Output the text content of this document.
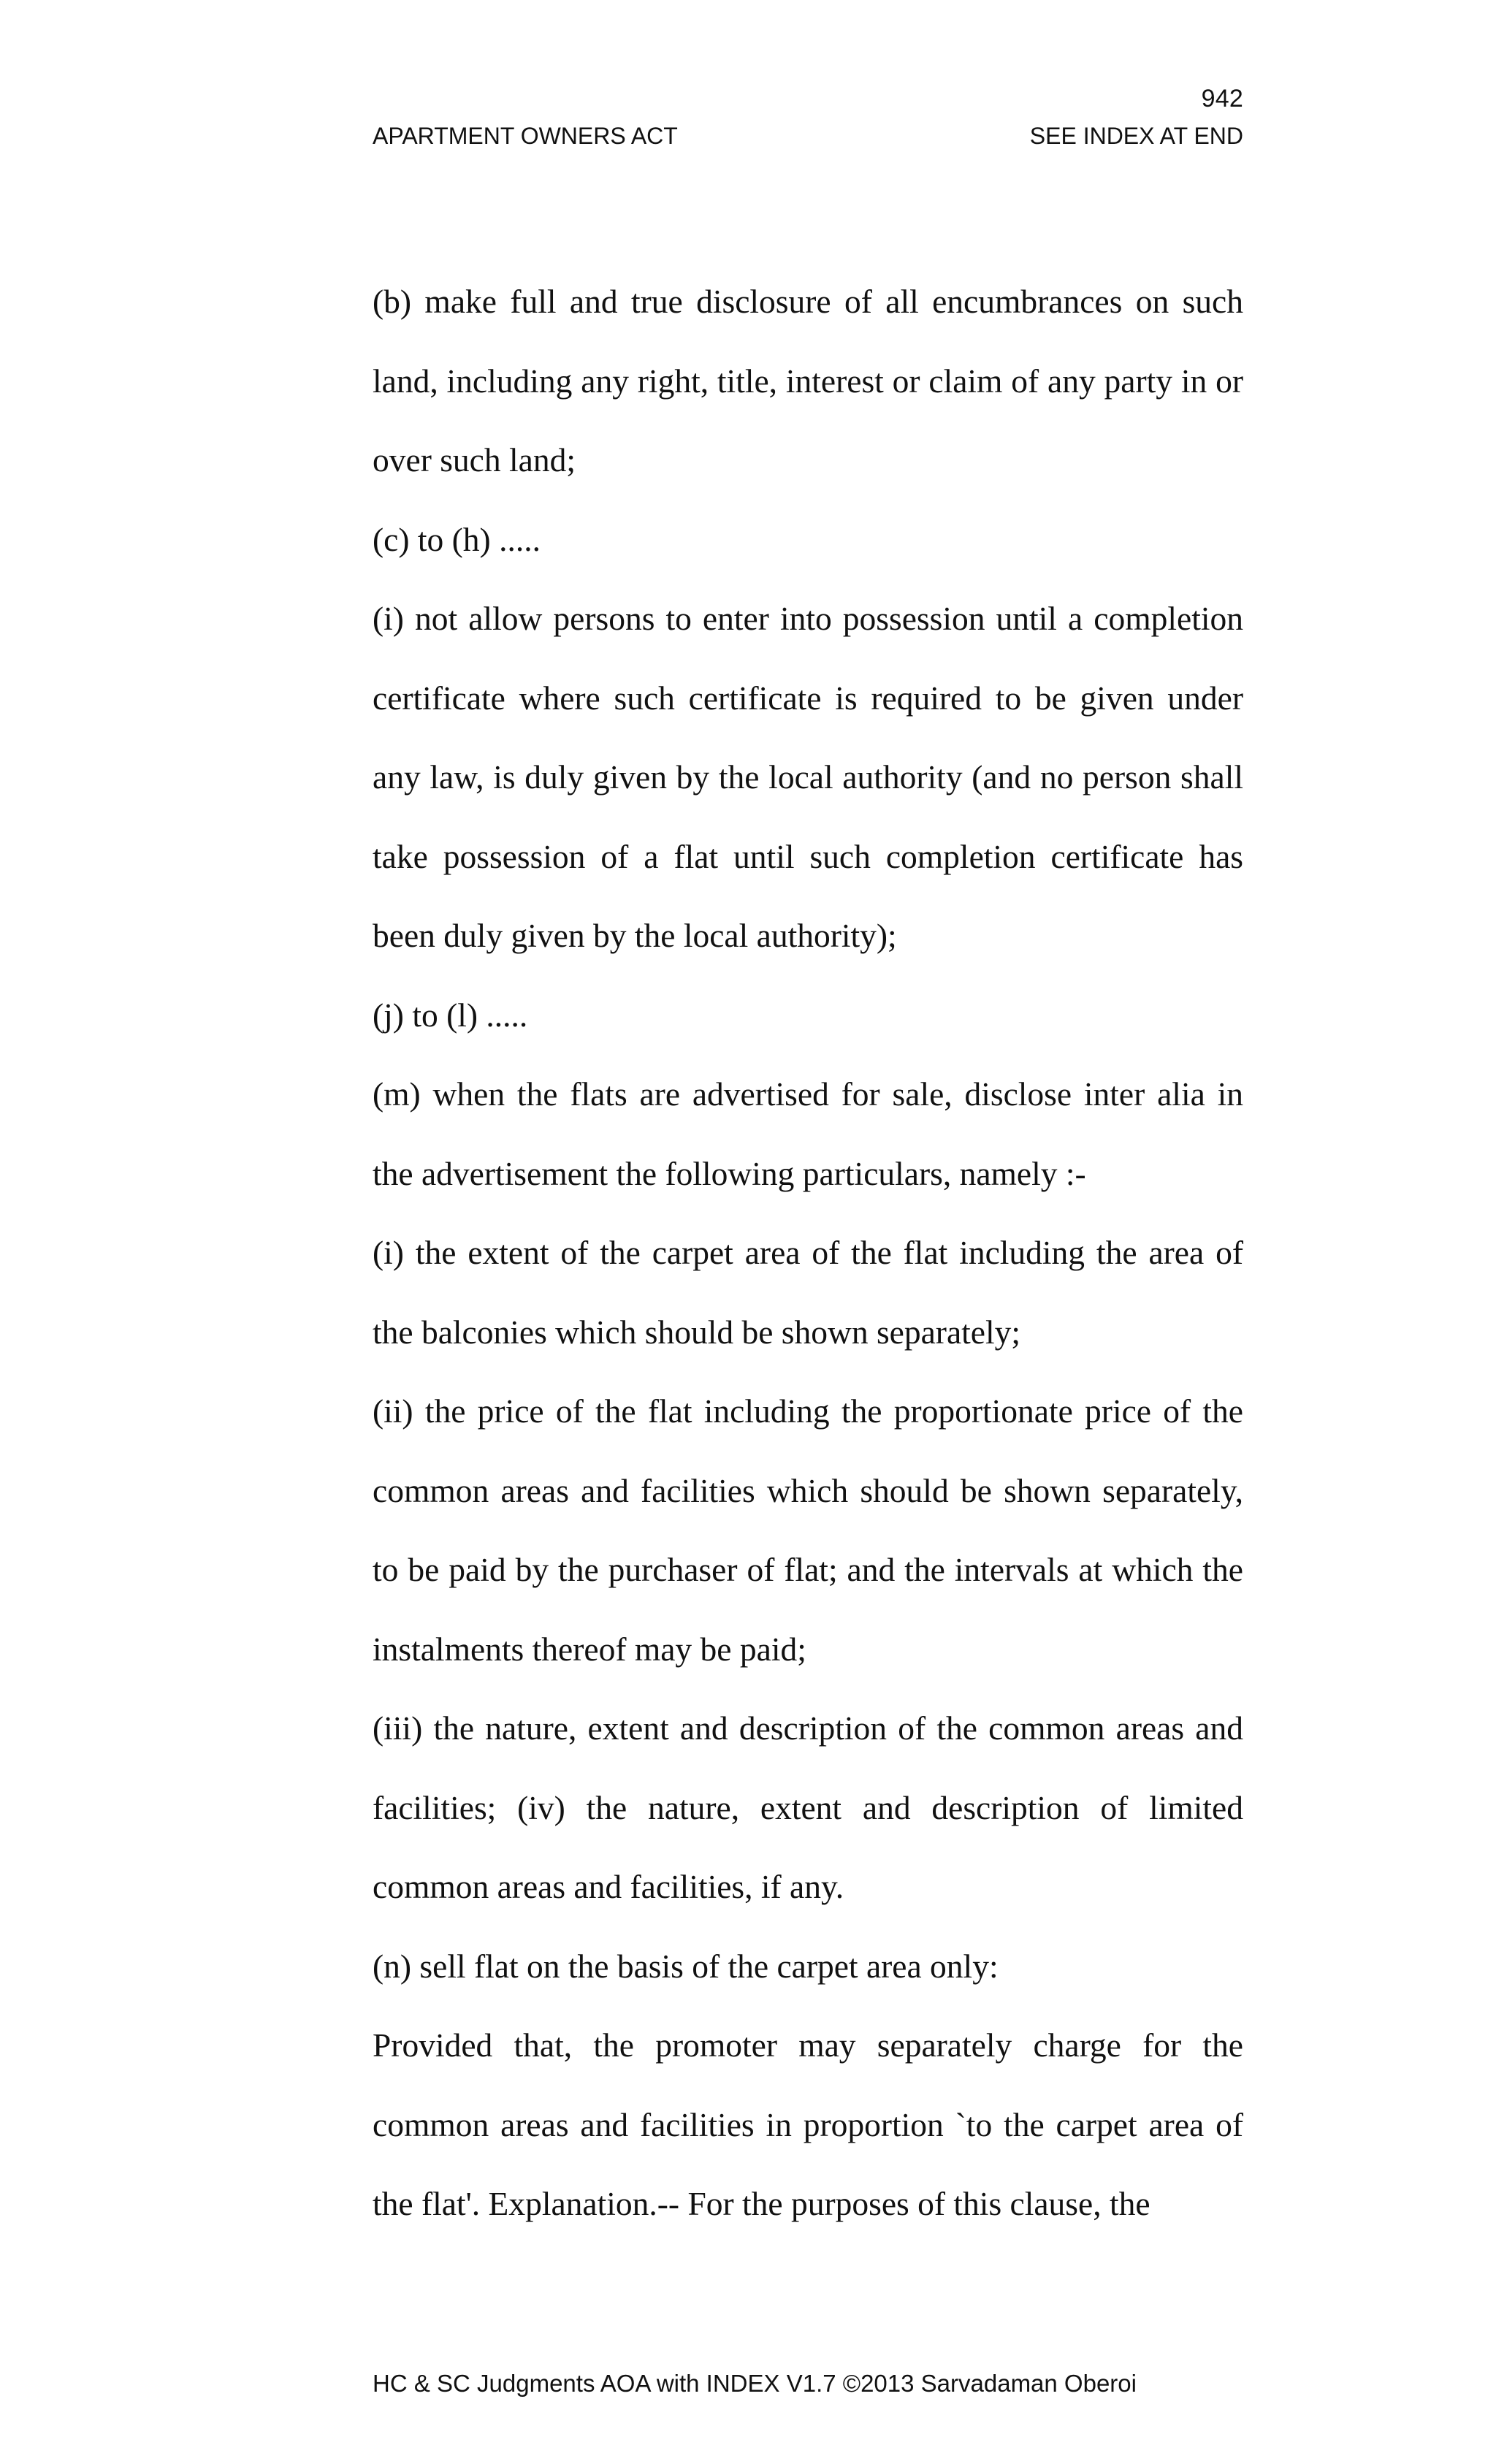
942
APARTMENT OWNERS ACT	SEE INDEX AT END

(b) make full and true disclosure of all encumbrances on such land, including any right, title, interest or claim of any party in or over such land;

(c) to (h) .....

(i) not allow persons to enter into possession until a completion certificate where such certificate is required to be given under any law, is duly given by the local authority (and no person shall take possession of a flat until such completion certificate has been duly given by the local authority);

(j) to (l) .....

(m) when the flats are advertised for sale, disclose inter alia in the advertisement the following particulars, namely :-

(i) the extent of the carpet area of the flat including the area of the balconies which should be shown separately;

(ii) the price of the flat including the proportionate price of the common areas and facilities which should be shown separately, to be paid by the purchaser of flat; and the intervals at which the instalments thereof may be paid;

(iii) the nature, extent and description of the common areas and facilities; (iv) the nature, extent and description of limited common areas and facilities, if any.

(n) sell flat on the basis of the carpet area only:

Provided that, the promoter may separately charge for the common areas and facilities in proportion `to the carpet area of the flat'. Explanation.-- For the purposes of this clause, the

HC & SC Judgments AOA with INDEX V1.7 ©2013 Sarvadaman Oberoi
